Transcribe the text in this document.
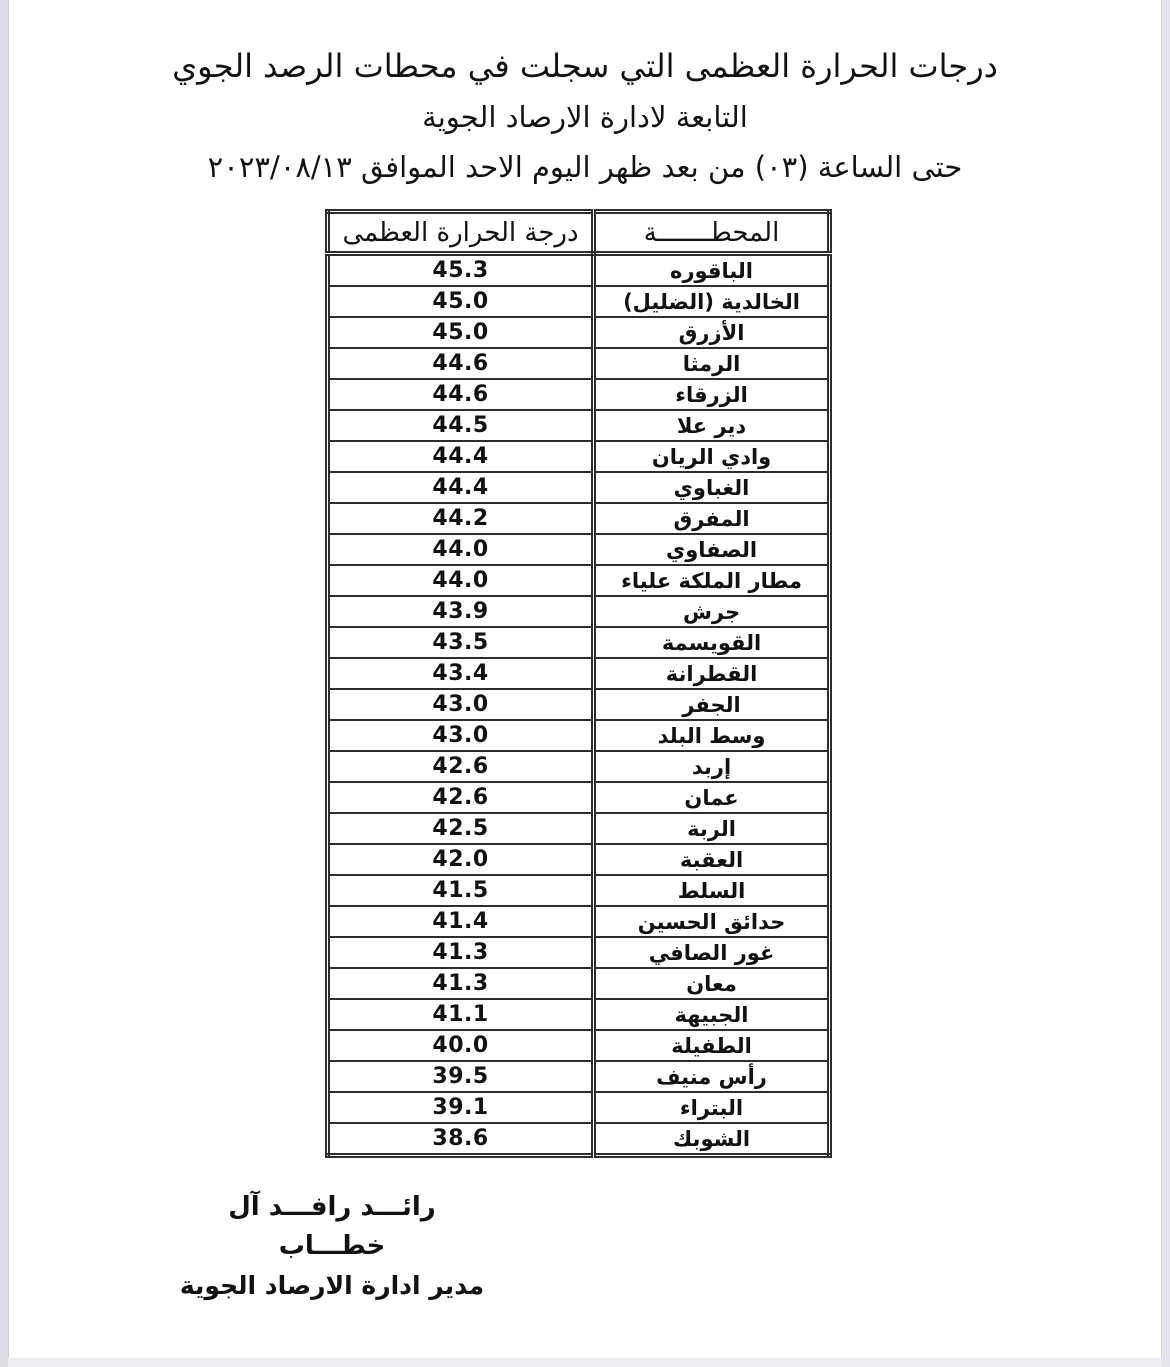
درجات الحرارة العظمى التي سجلت في محطات الرصد الجوي
التابعة لادارة الارصاد الجوية
حتى الساعة (٠٣) من بعد ظهر اليوم الاحد الموافق ٢٠٢٣/٠٨/١٣
المحطـــــــة	درجة الحرارة العظمى
الباقوره	45.3
الخالدية (الضليل)	45.0
الأزرق	45.0
الرمثا	44.6
الزرقاء	44.6
دير علا	44.5
وادي الريان	44.4
الغباوي	44.4
المفرق	44.2
الصفاوي	44.0
مطار الملكة علياء	44.0
جرش	43.9
القويسمة	43.5
القطرانة	43.4
الجفر	43.0
وسط البلد	43.0
إربد	42.6
عمان	42.6
الربة	42.5
العقبة	42.0
السلط	41.5
حدائق الحسين	41.4
غور الصافي	41.3
معان	41.3
الجبيهة	41.1
الطفيلة	40.0
رأس منيف	39.5
البتراء	39.1
الشوبك	38.6
رائـــد رافـــد آل خطـــاب
مدير ادارة الارصاد الجوية
